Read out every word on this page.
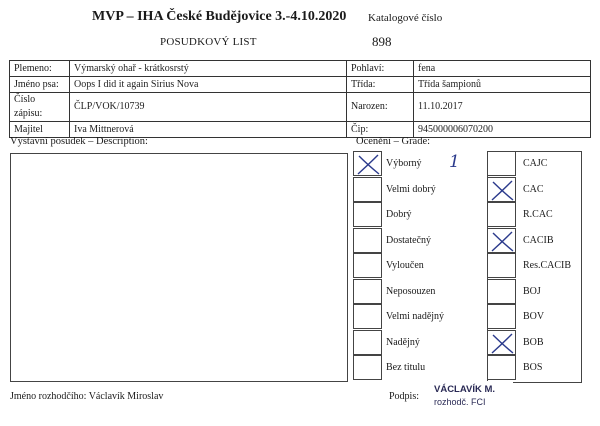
MVP – IHA České Budějovice 3.-4.10.2020
POSUDKOVÝ LIST
Katalogové číslo
898
Plemeno:	Výmarský ohař - krátkosrstý	Pohlaví:	fena
Jméno psa:	Oops I did it again Sirius Nova	Třída:	Třída šampionů
Číslo zápisu:	ČLP/VOK/10739	Narozen:	11.10.2017
Majitel	Iva Mittnerová	Čip:	945000006070200
Výstavní posudek – Description:	Ocenění – Grade:
Výborný	CAJC
1
Velmi dobrý	CAC
Dobrý	R.CAC
Dostatečný	CACIB
Vyloučen	Res.CACIB
Neposouzen	BOJ
Velmi nadějný	BOV
Nadějný	BOB
Bez titulu	BOS
Jméno rozhodčího: Václavík Miroslav	Podpis:
VÁCLAVÍK M.
rozhodč. FCI
